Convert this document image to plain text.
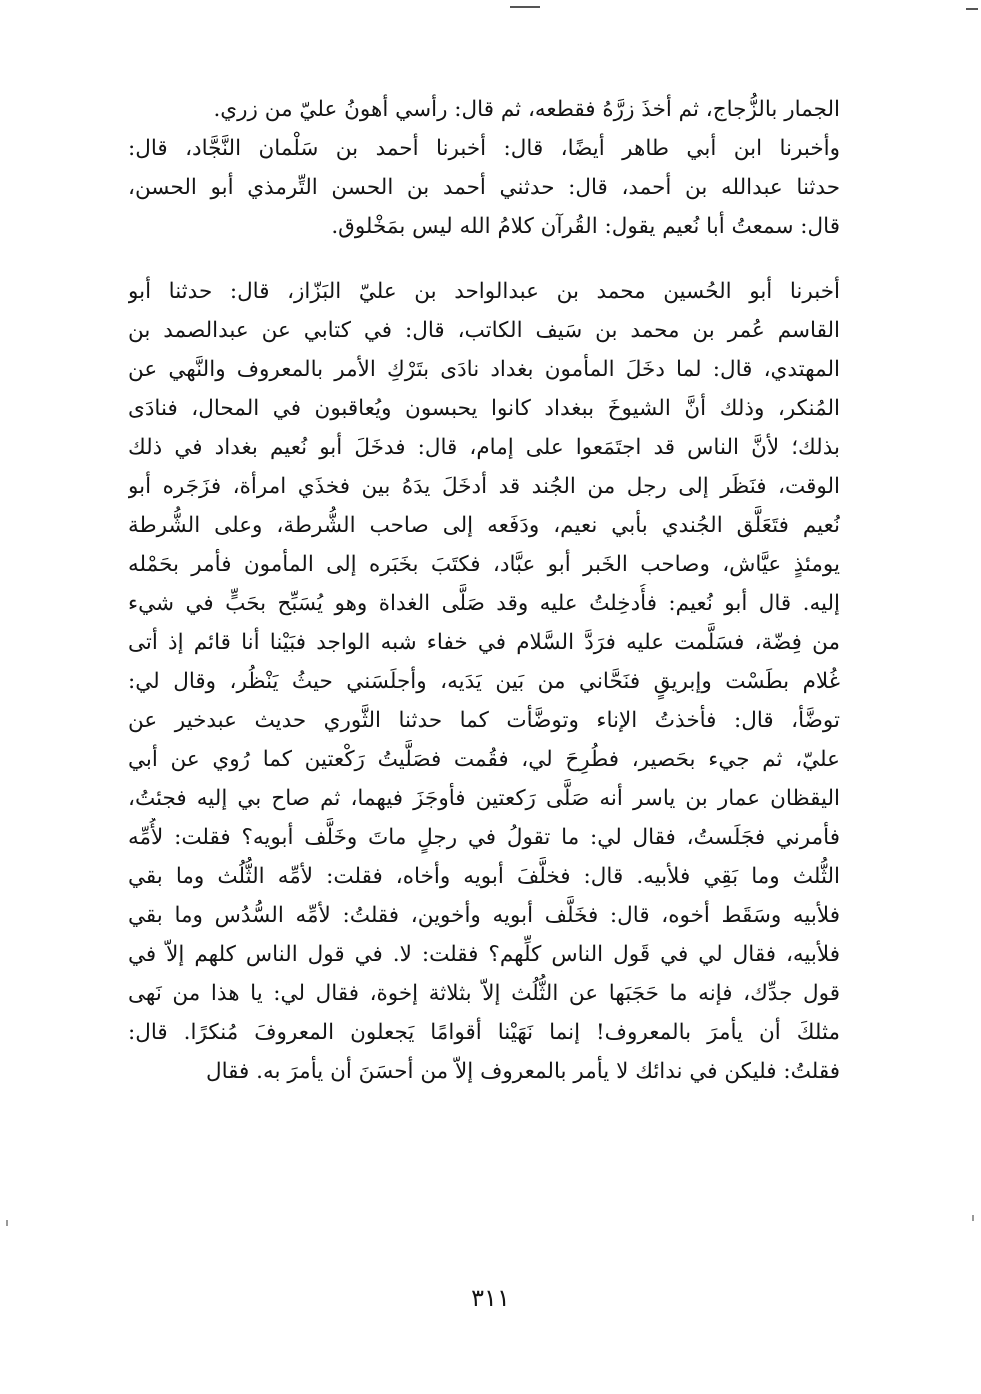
الجمار بالزُّجاج، ثم أخذَ زرَّهُ فقطعه، ثم قال: رأسي أهونُ عليّ من زري.
وأخبرنا ابن أبي طاهر أيضًا، قال: أخبرنا أحمد بن سَلْمان النَّجَّاد، قال:
حدثنا عبدالله بن أحمد، قال: حدثني أحمد بن الحسن التِّرمذي أبو الحسن،
قال: سمعتُ أبا نُعيم يقول: القُرآن كلامُ الله ليس بمَخْلوق.
أخبرنا أبو الحُسين محمد بن عبدالواحد بن عليّ البَزّاز، قال: حدثنا أبو
القاسم عُمر بن محمد بن سَيف الكاتب، قال: في كتابي عن عبدالصمد بن
المهتدي، قال: لما دخَلَ المأمون بغداد نادَى بتَرْكِ الأمر بالمعروف والنَّهي عن
المُنكر، وذلك أنَّ الشيوخَ ببغداد كانوا يحبسون ويُعاقبون في المحال، فنادَى
بذلك؛ لأنَّ الناس قد اجتَمَعوا على إمام، قال: فدخَلَ أبو نُعيم بغداد في ذلك
الوقت، فنَظَر إلى رجل من الجُند قد أدخَلَ يدَهُ بين فخذَي امرأة، فزَجَره أبو
نُعيم فتَعَلَّق الجُندي بأبي نعيم، ودَفَعه إلى صاحب الشُّرطة، وعلى الشُّرطة
يومئذٍ عيَّاش، وصاحب الخَبر أبو عبَّاد، فكتَبَ بخَبَره إلى المأمون فأمر بحَمْله
إليه. قال أبو نُعيم: فأُدخِلتُ عليه وقد صَلَّى الغداة وهو يُسَبِّح بحَبٍّ في شيء
من فِضّة، فسَلَّمت عليه فرَدَّ السَّلام في خفاء شبه الواجد فبَيْنا أنا قائم إذ أتى
غُلام بطَسْت وإبريقٍ فنَحَّاني من بَين يَدَيه، وأجلَسَني حيثُ يَنْظُر، وقال لي:
توضَّأ، قال: فأخذتُ الإناء وتوضَّأت كما حدثنا الثَّوري حديث عبدخير عن
عليّ، ثم جيء بحَصير، فطُرِحَ لي، فقُمت فصَلَّيتُ رَكْعتين كما رُوي عن أبي
اليقظان عمار بن ياسر أنه صَلَّى رَكعتين فأوجَزَ فيهما، ثم صاح بي إليه فجئتُ،
فأمرني فجَلَستُ، فقال لي: ما تقولُ في رجلٍ ماتَ وخَلَّف أبويه؟ فقلت: لأُمِّه
الثُّلث وما بَقِي فلأبيه. قال: فخلَّفَ أبويه وأخاه، فقلت: لأمِّه الثُّلُث وما بقي
فلأبيه وسَقَط أخوه، قال: فخَلَّف أبويه وأخوين، فقلتُ: لأمِّه السُّدُس وما بقي
فلأبيه، فقال لي في قَول الناس كلِّهم؟ فقلت: لا. في قول الناس كلهم إلاّ في
قول جدِّك، فإنه ما حَجَبَها عن الثُّلُث إلاّ بثلاثة إخوة، فقال لي: يا هذا من نَهى
مثلكَ أن يأمرَ بالمعروف! إنما نَهَيْنا أقوامًا يَجعلون المعروفَ مُنكرًا. قال:
فقلتُ: فليكن في ندائك لا يأمر بالمعروف إلاّ من أحسَنَ أن يأمرَ به. فقال
٣١١
